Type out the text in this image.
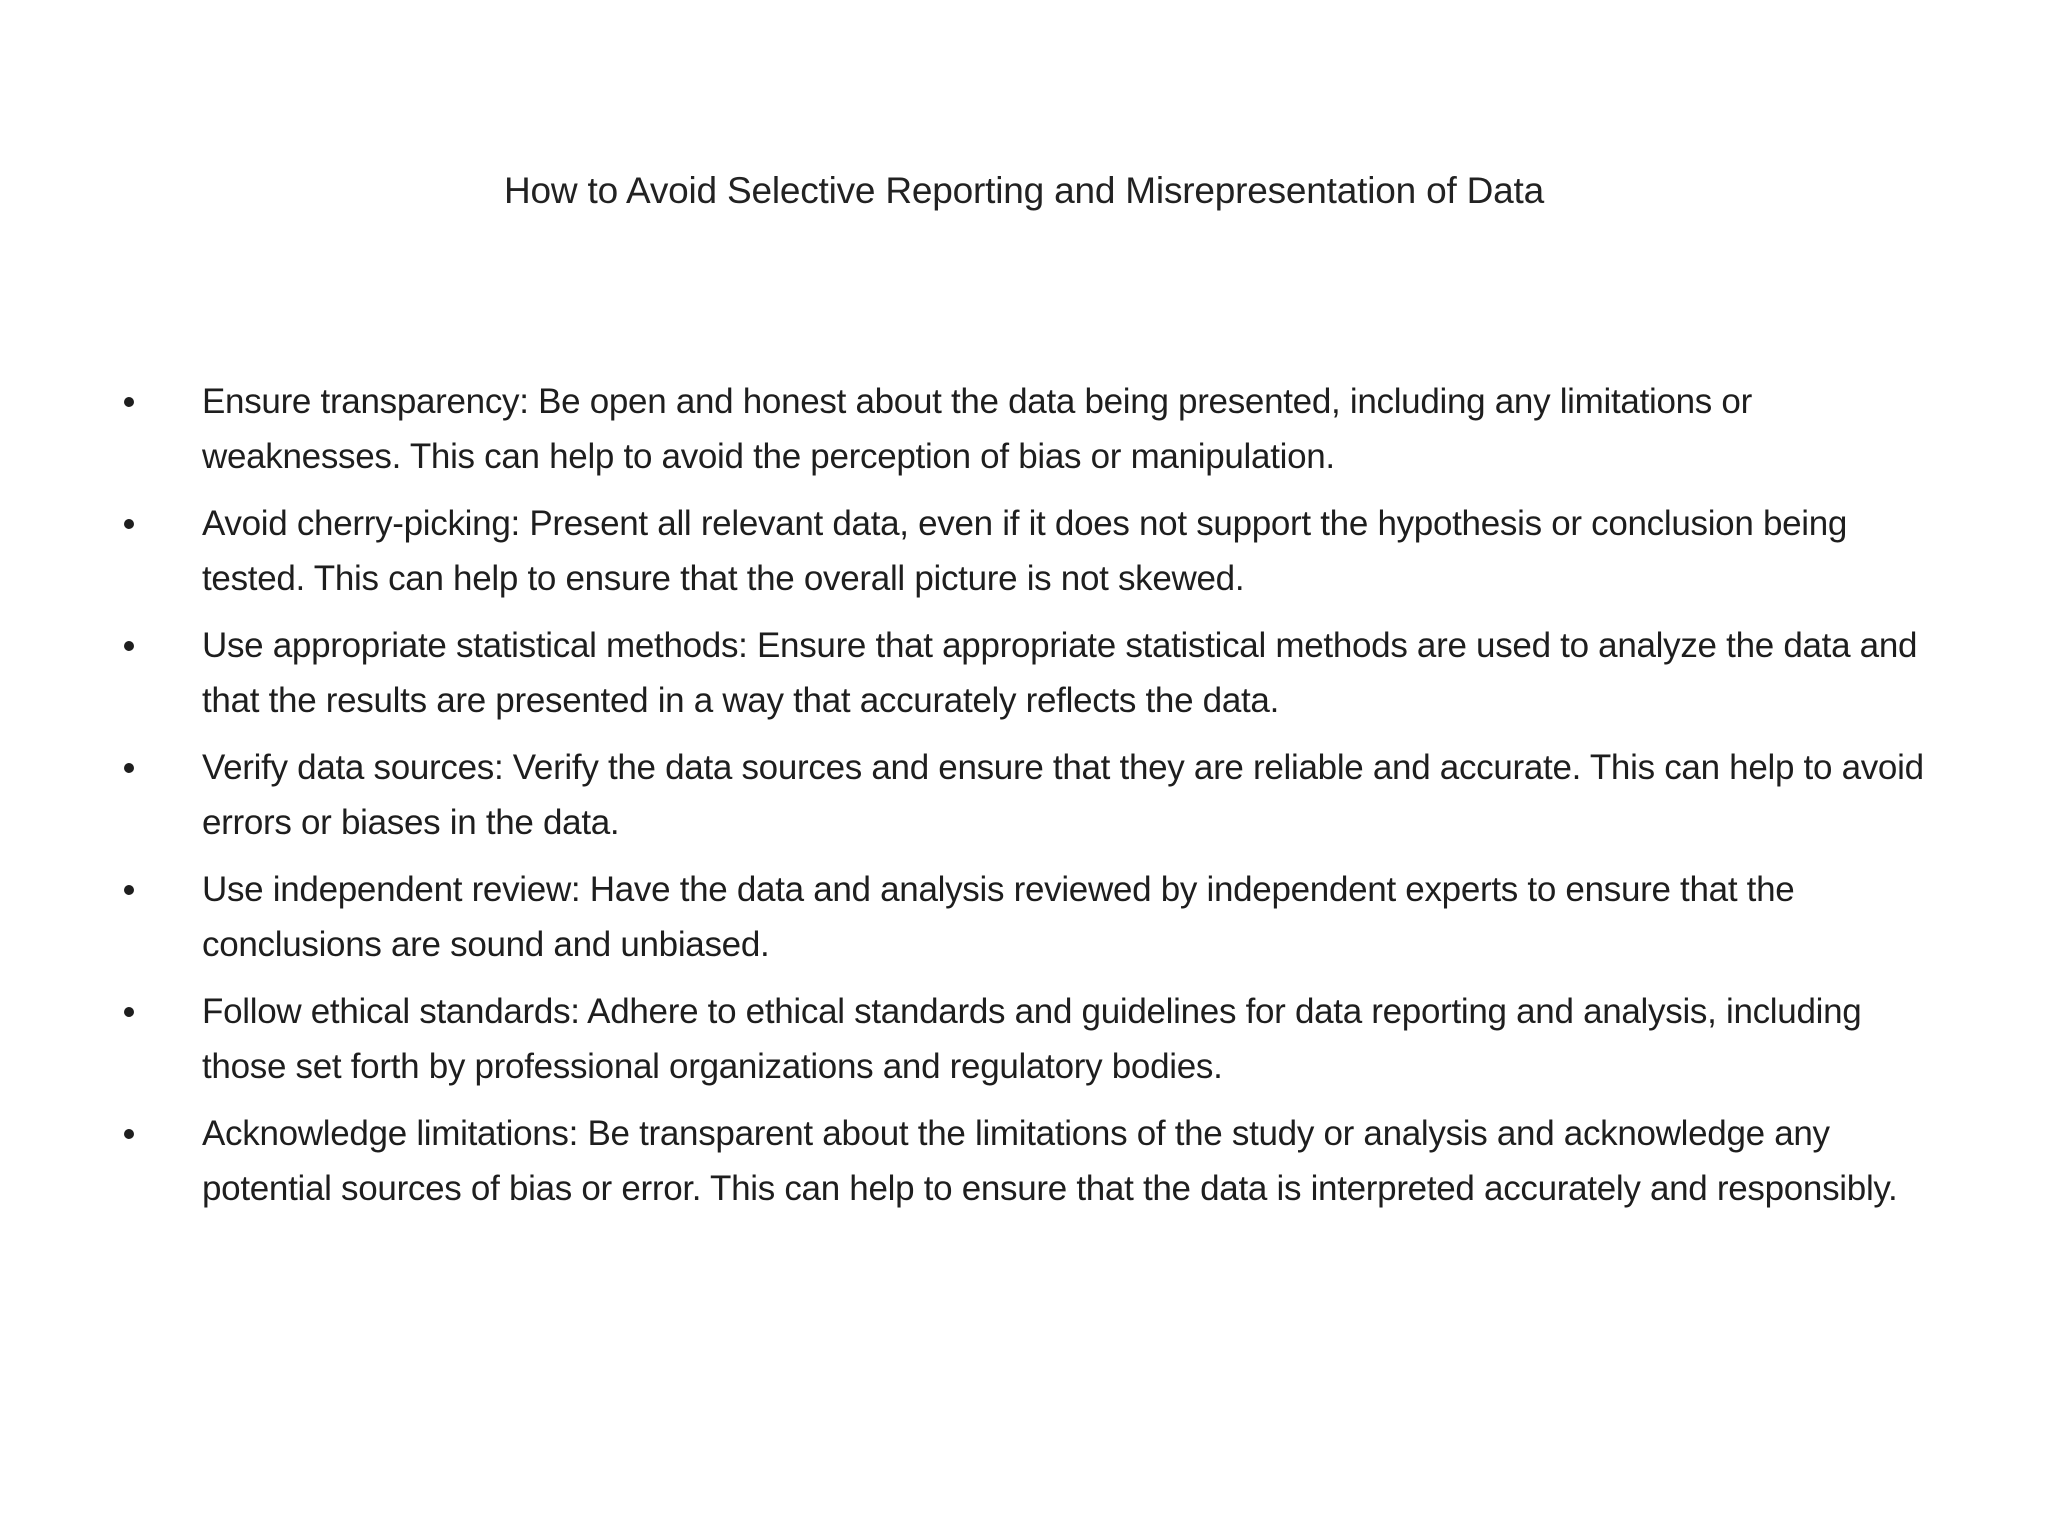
How to Avoid Selective Reporting and Misrepresentation of Data
Ensure transparency: Be open and honest about the data being presented, including any limitations or weaknesses. This can help to avoid the perception of bias or manipulation.
Avoid cherry-picking: Present all relevant data, even if it does not support the hypothesis or conclusion being tested. This can help to ensure that the overall picture is not skewed.
Use appropriate statistical methods: Ensure that appropriate statistical methods are used to analyze the data and that the results are presented in a way that accurately reflects the data.
Verify data sources: Verify the data sources and ensure that they are reliable and accurate. This can help to avoid errors or biases in the data.
Use independent review: Have the data and analysis reviewed by independent experts to ensure that the conclusions are sound and unbiased.
Follow ethical standards: Adhere to ethical standards and guidelines for data reporting and analysis, including those set forth by professional organizations and regulatory bodies.
Acknowledge limitations: Be transparent about the limitations of the study or analysis and acknowledge any potential sources of bias or error. This can help to ensure that the data is interpreted accurately and responsibly.
